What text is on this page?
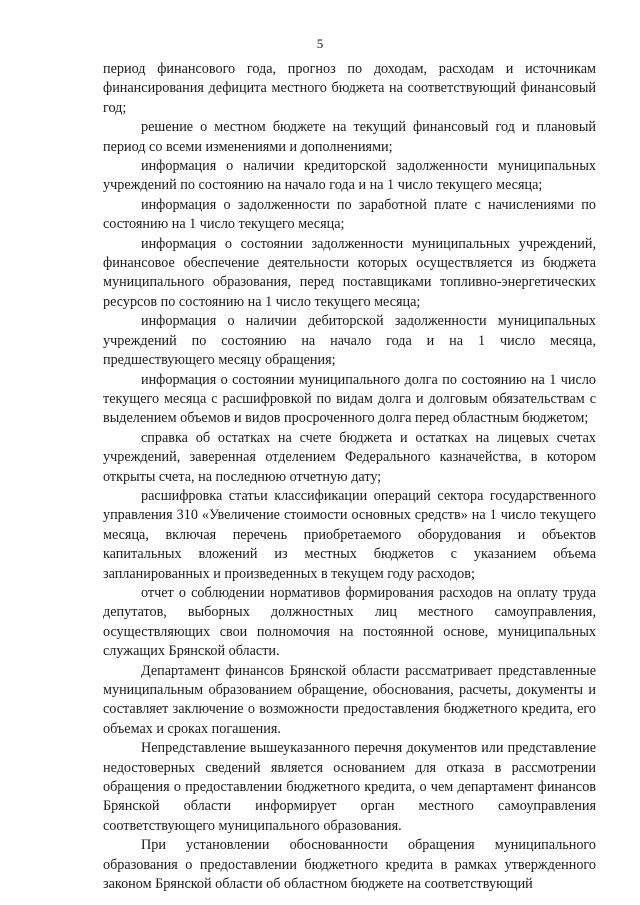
5

период финансового года, прогноз по доходам, расходам и источникам финансирования дефицита местного бюджета на соответствующий финансовый год;

решение о местном бюджете на текущий финансовый год и плановый период со всеми изменениями и дополнениями;

информация о наличии кредиторской задолженности муниципальных учреждений по состоянию на начало года и на 1 число текущего месяца;

информация о задолженности по заработной плате с начислениями по состоянию на 1 число текущего месяца;

информация о состоянии задолженности муниципальных учреждений, финансовое обеспечение деятельности которых осуществляется из бюджета муниципального образования, перед поставщиками топливно-энергетических ресурсов по состоянию на 1 число текущего месяца;

информация о наличии дебиторской задолженности муниципальных учреждений по состоянию на начало года и на 1 число месяца, предшествующего месяцу обращения;

информация о состоянии муниципального долга по состоянию на 1 число текущего месяца с расшифровкой по видам долга и долговым обязательствам с выделением объемов и видов просроченного долга перед областным бюджетом;

справка об остатках на счете бюджета и остатках на лицевых счетах учреждений, заверенная отделением Федерального казначейства, в котором открыты счета, на последнюю отчетную дату;

расшифровка статьи классификации операций сектора государственного управления 310 «Увеличение стоимости основных средств» на 1 число текущего месяца, включая перечень приобретаемого оборудования и объектов капитальных вложений из местных бюджетов с указанием объема запланированных и произведенных в текущем году расходов;

отчет о соблюдении нормативов формирования расходов на оплату труда депутатов, выборных должностных лиц местного самоуправления, осуществляющих свои полномочия на постоянной основе, муниципальных служащих Брянской области.

Департамент финансов Брянской области рассматривает представленные муниципальным образованием обращение, обоснования, расчеты, документы и составляет заключение о возможности предоставления бюджетного кредита, его объемах и сроках погашения.

Непредставление вышеуказанного перечня документов или представление недостоверных сведений является основанием для отказа в рассмотрении обращения о предоставлении бюджетного кредита, о чем департамент финансов Брянской области информирует орган местного самоуправления соответствующего муниципального образования.

При установлении обоснованности обращения муниципального образования о предоставлении бюджетного кредита в рамках утвержденного законом Брянской области об областном бюджете на соответствующий
